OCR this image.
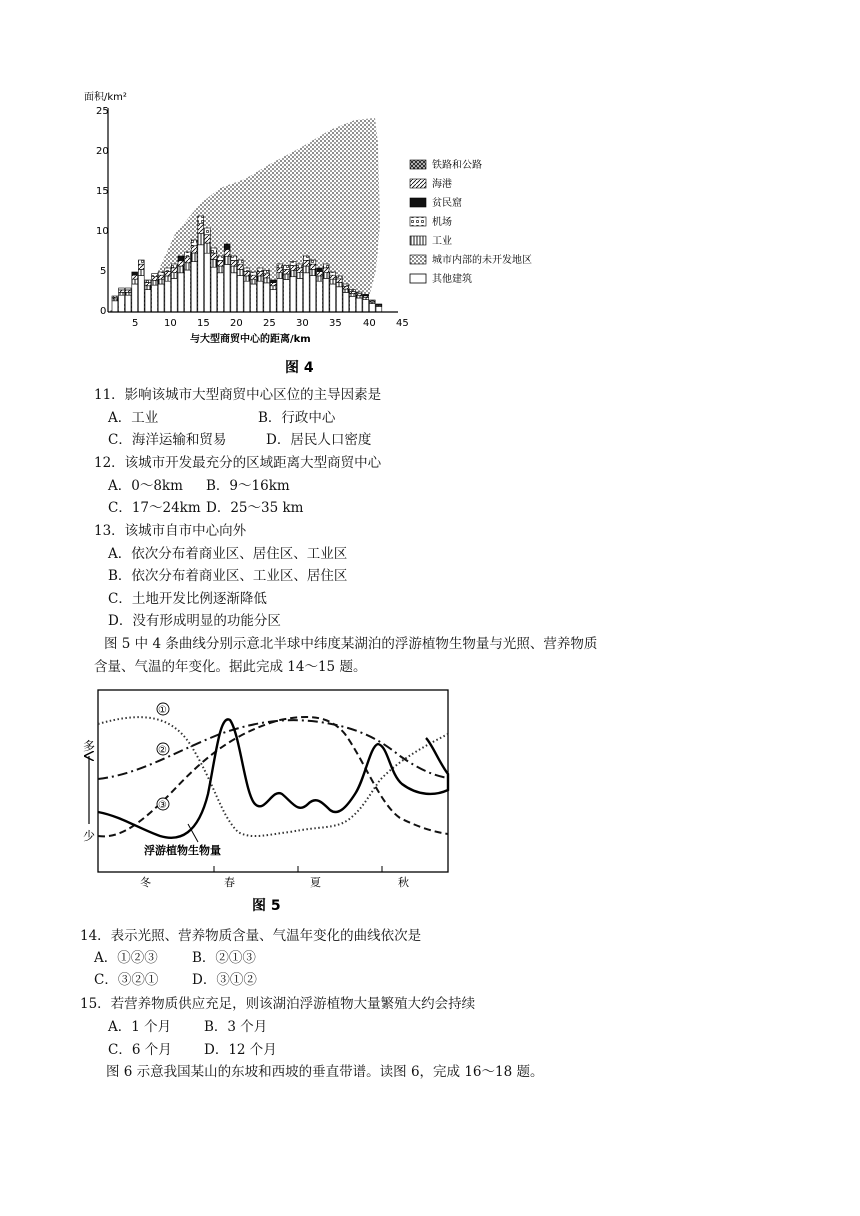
面积/km²
25
20
15
10
5
0
5	10 15 20 25 30 35 40 45
与大型商贸中心的距离/km
铁路和公路
海港
贫民窟
机场
工业
城市内部的未开发地区
其他建筑
图 4
11．影响该城市大型商贸中心区位的主导因素是
A．工业	B．行政中心
C．海洋运输和贸易	D．居民人口密度
12．该城市开发最充分的区域距离大型商贸中心
A．0～8km B．9～16km
C．17～24km D．25～35 km
13．该城市自市中心向外
A．依次分布着商业区、居住区、工业区
B．依次分布着商业区、工业区、居住区
C．土地开发比例逐渐降低
D．没有形成明显的功能分区
图 5 中 4 条曲线分别示意北半球中纬度某湖泊的浮游植物生物量与光照、营养物质
含量、气温的年变化。据此完成 14～15 题。
多
少
①
②
③
浮游植物生物量
冬	春	夏	秋
图 5
14．表示光照、营养物质含量、气温年变化的曲线依次是
A．①②③	B．②①③
C．③②① D．③①②
15．若营养物质供应充足，则该湖泊浮游植物大量繁殖大约会持续
A．1 个月 B．3 个月
C．6 个月 D．12 个月
图 6 示意我国某山的东坡和西坡的垂直带谱。读图 6，完成 16～18 题。
